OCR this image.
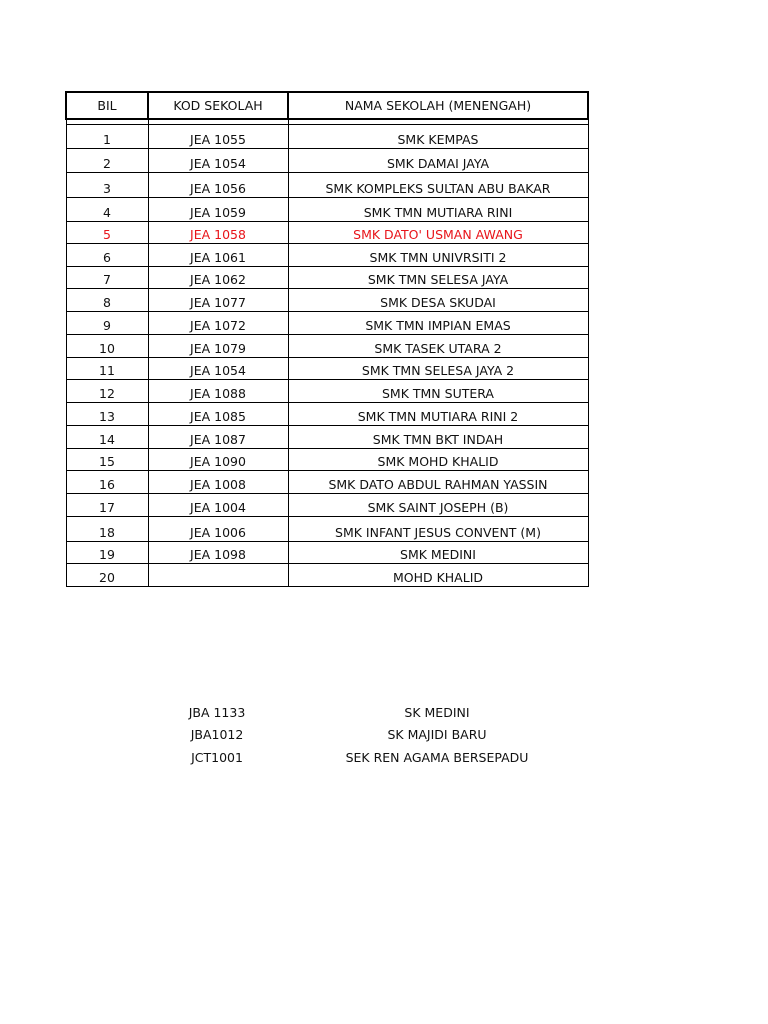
BIL	KOD SEKOLAH	NAMA SEKOLAH (MENENGAH)

1	JEA 1055	SMK KEMPAS
2	JEA 1054	SMK DAMAI JAYA
3	JEA 1056	SMK KOMPLEKS SULTAN ABU BAKAR
4	JEA 1059	SMK TMN MUTIARA RINI
5	JEA 1058	SMK DATO' USMAN AWANG
6	JEA 1061	SMK TMN UNIVRSITI 2
7	JEA 1062	SMK TMN SELESA JAYA
8	JEA 1077	SMK DESA SKUDAI
9	JEA 1072	SMK TMN IMPIAN EMAS
10	JEA 1079	SMK TASEK UTARA 2
11	JEA 1054	SMK TMN SELESA JAYA 2
12	JEA 1088	SMK TMN SUTERA
13	JEA 1085	SMK TMN MUTIARA RINI 2
14	JEA 1087	SMK TMN BKT INDAH
15	JEA 1090	SMK MOHD KHALID
16	JEA 1008	SMK DATO ABDUL RAHMAN YASSIN
17	JEA 1004	SMK SAINT JOSEPH (B)
18	JEA 1006	SMK INFANT JESUS CONVENT (M)
19	JEA 1098	SMK MEDINI
20		MOHD KHALID
JBA 1133	SK MEDINI
JBA1012	SK MAJIDI BARU
JCT1001	SEK REN AGAMA BERSEPADU
